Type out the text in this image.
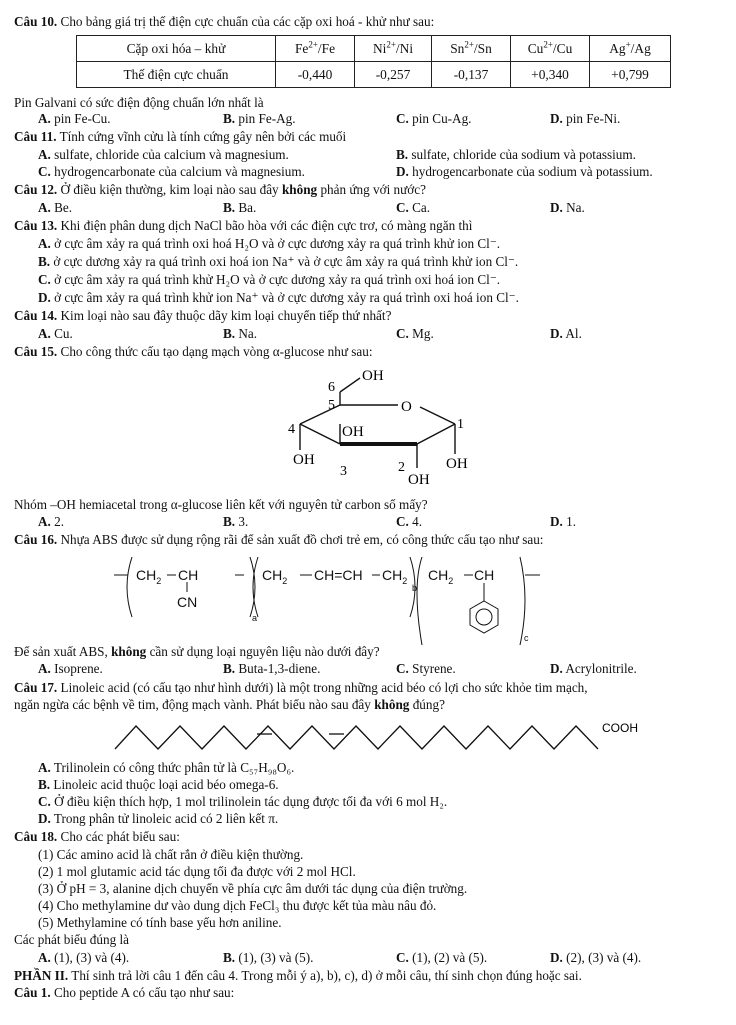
Câu 10. Cho bảng giá trị thế điện cực chuẩn của các cặp oxi hoá - khử như sau:
Cặp oxi hóa – khử	$Fe^{2+}/Fe$	$Ni^{2+}/Ni$	$Sn^{2+}/Sn$	$Cu^{2+}/Cu$	Ag+/Ag
Thế điện cực chuẩn	-0,440	-0,257	-0,137	+0,340	+0,799
Pin Galvani có sức điện động chuẩn lớn nhất là
A. pin Fe-Cu.	B. pin Fe-Ag.	C. pin Cu-Ag.	D. pin Fe-Ni.
Câu 11. Tính cứng vĩnh cửu là tính cứng gây nên bởi các muối
A. sulfate, chloride của calcium và magnesium.	B. sulfate, chloride của sodium và potassium.
C. hydrogencarbonate của calcium và magnesium.	D. hydrogencarbonate của sodium và potassium.
Câu 12. Ở điều kiện thường, kim loại nào sau đây không phản ứng với nước?
A. Be.	B. Ba.	C. Ca.	D. Na.
Câu 13. Khi điện phân dung dịch NaCl bão hòa với các điện cực trơ, có màng ngăn thì
A. ở cực âm xảy ra quá trình oxi hoá H₂O và ở cực dương xảy ra quá trình khử ion Cl⁻.
B. ở cực dương xảy ra quá trình oxi hoá ion Na⁺ và ở cực âm xảy ra quá trình khử ion Cl⁻.
C. ở cực âm xảy ra quá trình khử H₂O và ở cực dương xảy ra quá trình oxi hoá ion Cl⁻.
D. ở cực âm xảy ra quá trình khử ion Na⁺ và ở cực dương xảy ra quá trình oxi hoá ion Cl⁻.
Câu 14. Kim loại nào sau đây thuộc dãy kim loại chuyển tiếp thứ nhất?
A. Cu.	B. Na.	C. Mg.	D. Al.
Câu 15. Cho công thức cấu tạo dạng mạch vòng α-glucose như sau:
OH
O
OH
OH	OH
OH
1
2
3
4
5
6
Nhóm –OH hemiacetal trong α-glucose liên kết với nguyên tử carbon số mấy?
A. 2.	B. 3.	C. 4.	D. 1.
Câu 16. Nhựa ABS được sử dụng rộng rãi để sản xuất đồ chơi trẻ em, có công thức cấu tạo như sau:
$CH_2$ CH
CN
a
$CH_2$ CH=CH $CH_2$
b
$CH_2$ CH
c
Để sản xuất ABS, không cần sử dụng loại nguyên liệu nào dưới đây?
A. Isoprene.	B. Buta-1,3-diene.	C. Styrene.	D. Acrylonitrile.
Câu 17. Linoleic acid (có cấu tạo như hình dưới) là một trong những acid béo có lợi cho sức khỏe tim mạch,
ngăn ngừa các bệnh về tim, động mạch vành. Phát biểu nào sau đây không đúng?
COOH
A. Trilinolein có công thức phân tử là C₅₇H₉₈O₆.
B. Linoleic acid thuộc loại acid béo omega-6.
C. Ở điều kiện thích hợp, 1 mol trilinolein tác dụng được tối đa với 6 mol H₂.
D. Trong phân tử linoleic acid có 2 liên kết π.
Câu 18. Cho các phát biểu sau:
(1) Các amino acid là chất rắn ở điều kiện thường.
(2) 1 mol glutamic acid tác dụng tối đa được với 2 mol HCl.
(3) Ở pH = 3, alanine dịch chuyển về phía cực âm dưới tác dụng của điện trường.
(4) Cho methylamine dư vào dung dịch FeCl₃ thu được kết tủa màu nâu đỏ.
(5) Methylamine có tính base yếu hơn aniline.
Các phát biểu đúng là
A. (1), (3) và (4).	B. (1), (3) và (5).	C. (1), (2) và (5).	D. (2), (3) và (4).
PHẦN II. Thí sinh trả lời câu 1 đến câu 4. Trong mỗi ý a), b), c), d) ở mỗi câu, thí sinh chọn đúng hoặc sai.
Câu 1. Cho peptide A có cấu tạo như sau:
